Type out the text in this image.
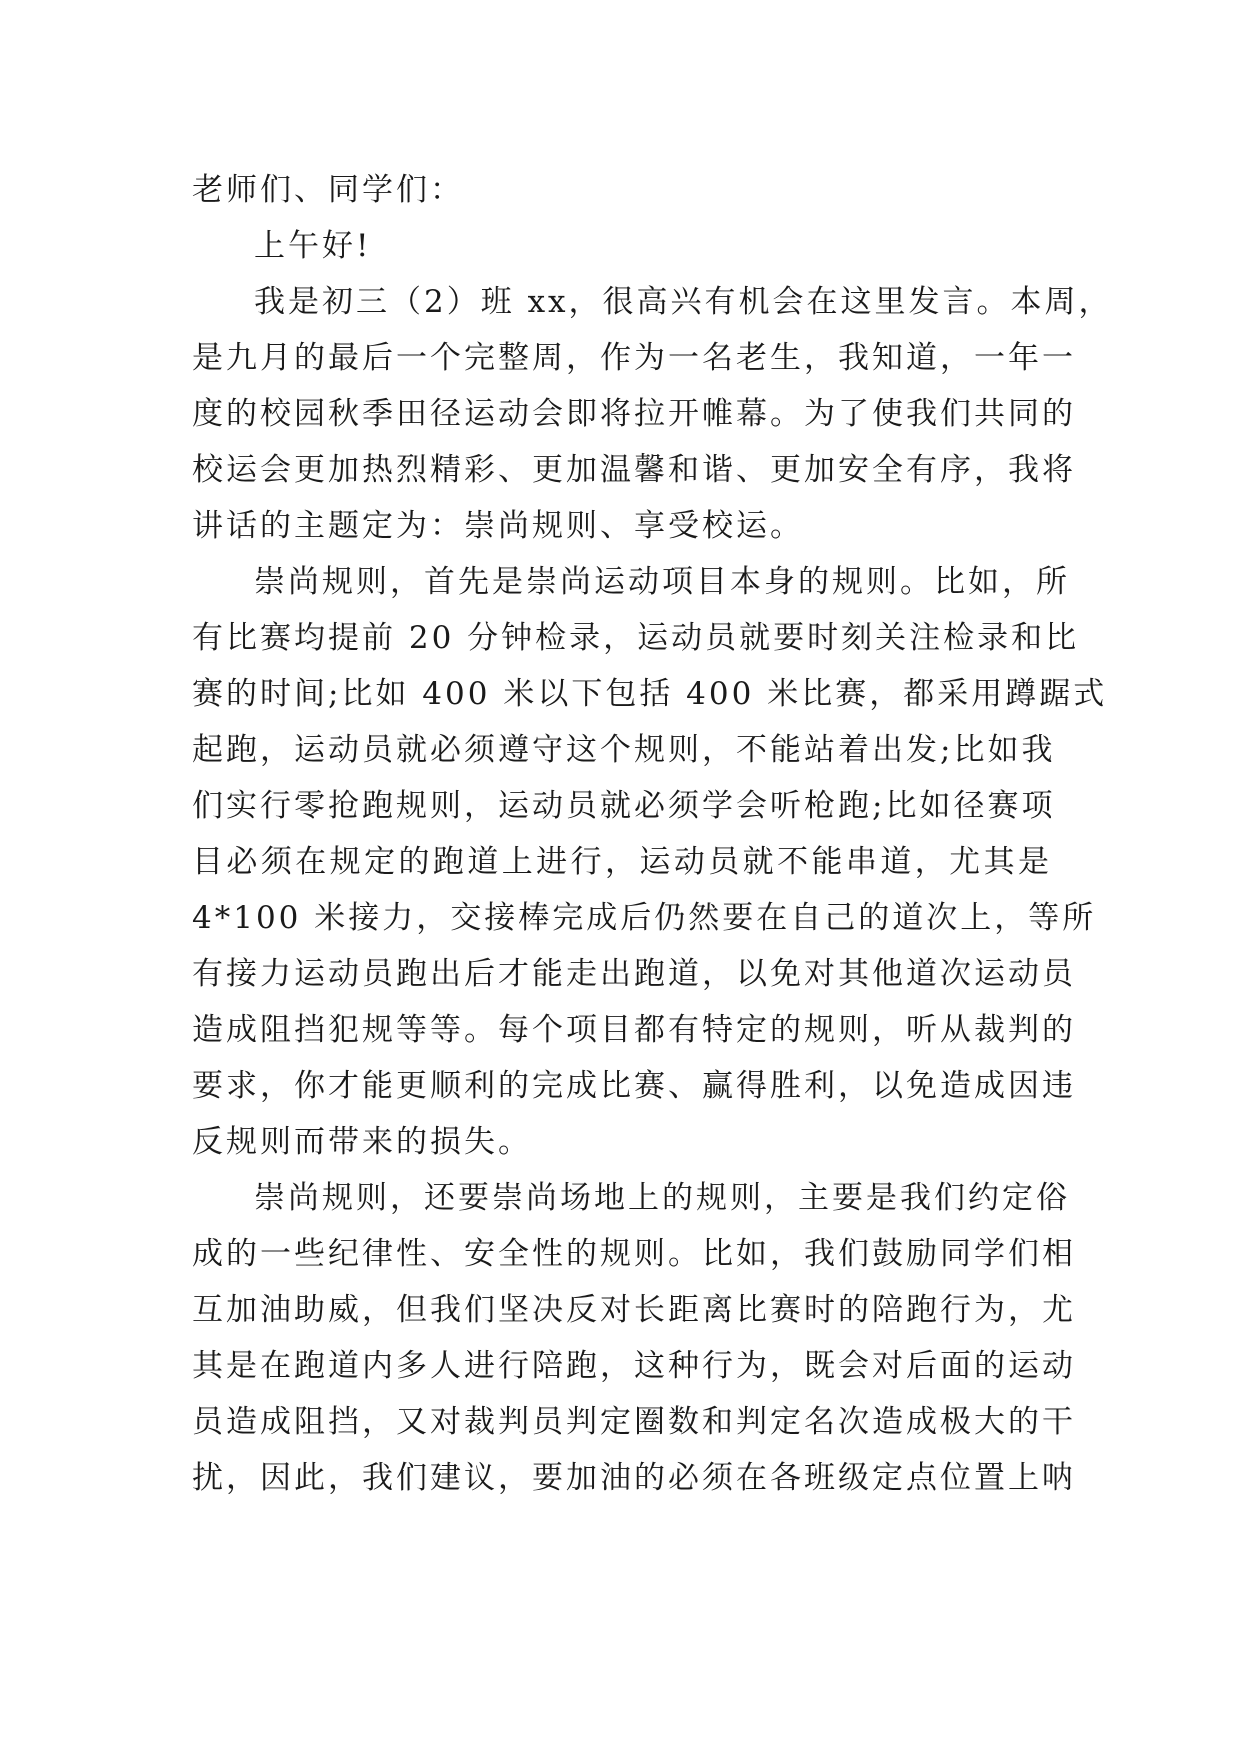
老师们、同学们：

上午好!

我是初三（2）班 xx，很高兴有机会在这里发言。本周，
是九月的最后一个完整周，作为一名老生，我知道，一年一
度的校园秋季田径运动会即将拉开帷幕。为了使我们共同的
校运会更加热烈精彩、更加温馨和谐、更加安全有序，我将
讲话的主题定为：崇尚规则、享受校运。

崇尚规则，首先是崇尚运动项目本身的规则。比如，所
有比赛均提前 20 分钟检录，运动员就要时刻关注检录和比
赛的时间;比如 400 米以下包括 400 米比赛，都采用蹲踞式
起跑，运动员就必须遵守这个规则，不能站着出发;比如我
们实行零抢跑规则，运动员就必须学会听枪跑;比如径赛项
目必须在规定的跑道上进行，运动员就不能串道，尤其是
4*100 米接力，交接棒完成后仍然要在自己的道次上，等所
有接力运动员跑出后才能走出跑道，以免对其他道次运动员
造成阻挡犯规等等。每个项目都有特定的规则，听从裁判的
要求，你才能更顺利的完成比赛、赢得胜利，以免造成因违
反规则而带来的损失。

崇尚规则，还要崇尚场地上的规则，主要是我们约定俗
成的一些纪律性、安全性的规则。比如，我们鼓励同学们相
互加油助威，但我们坚决反对长距离比赛时的陪跑行为，尤
其是在跑道内多人进行陪跑，这种行为，既会对后面的运动
员造成阻挡，又对裁判员判定圈数和判定名次造成极大的干
扰，因此，我们建议，要加油的必须在各班级定点位置上呐
